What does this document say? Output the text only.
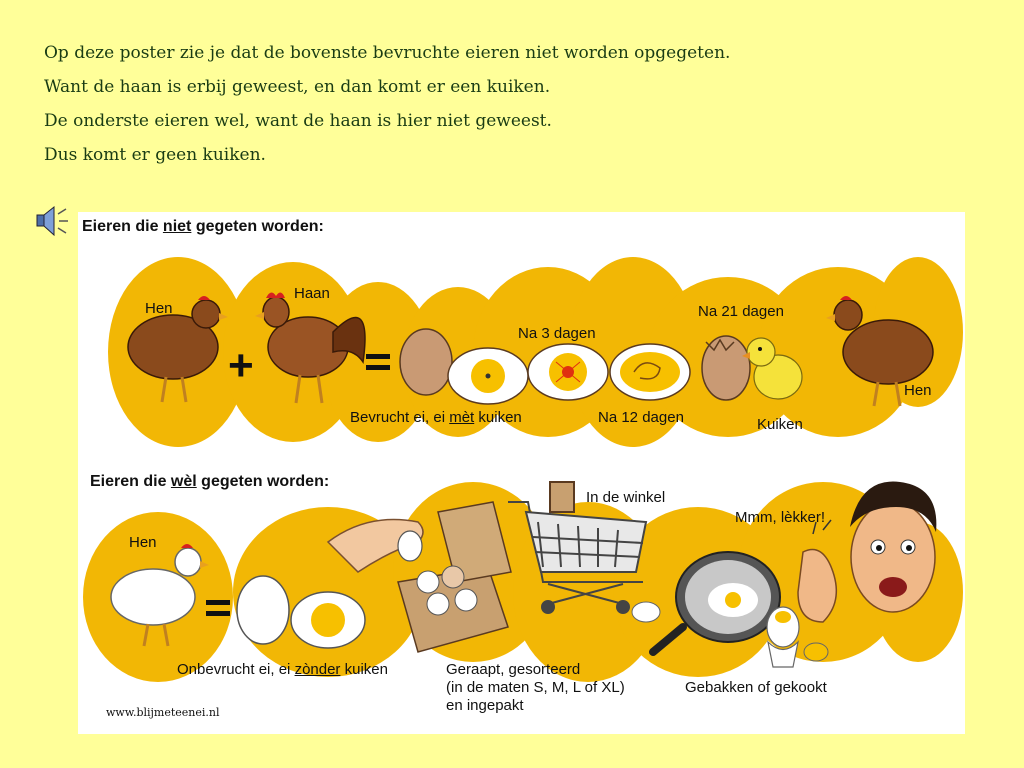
Op deze poster zie je dat de bovenste bevruchte eieren niet worden opgegeten.
Want de haan is erbij geweest, en dan komt er een kuiken.
De onderste eieren wel, want de haan is hier niet geweest.
Dus komt er geen kuiken.
+
Eieren die niet gegeten worden:
Eieren die wèl gegeten worden:
Hen
Haan
Na 3 dagen
Na 21 dagen
Bevrucht ei, ei mèt kuiken	Na 12 dagen	Kuiken
Hen
Hen
In de winkel
Mmm, lèkker!
Onbevrucht ei, ei zònder kuiken	Geraapt, gesorteerd
(in de maten S, M, L of XL)
en ingepakt
Gebakken of gekookt
www.blijmeteenei.nl
